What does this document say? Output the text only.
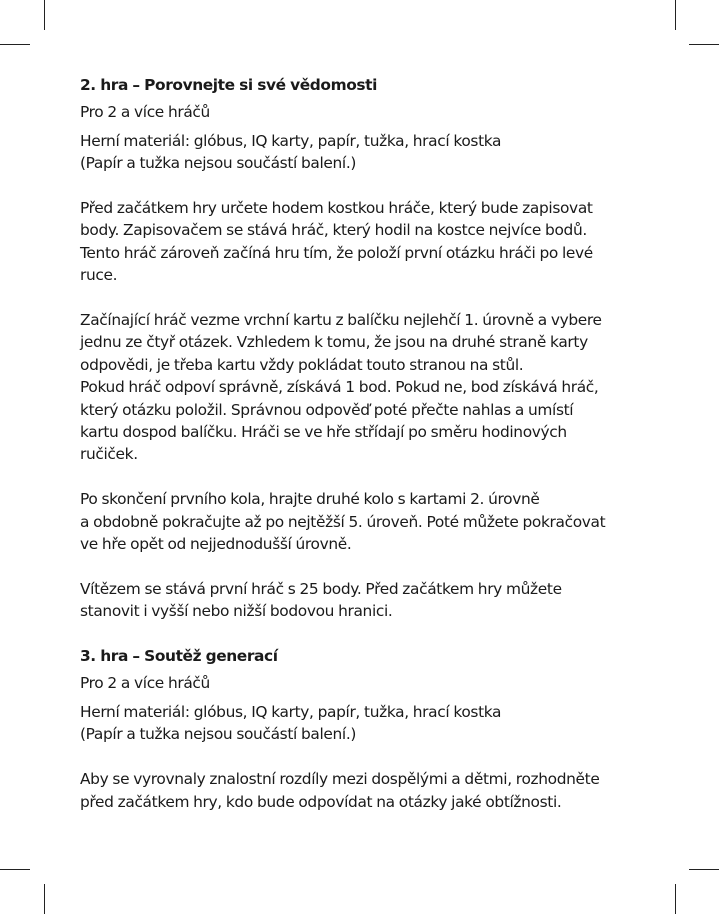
2. hra – Porovnejte si své vědomosti

Pro 2 a více hráčů

Herní materiál: glóbus, IQ karty, papír, tužka, hrací kostka
(Papír a tužka nejsou součástí balení.)

Před začátkem hry určete hodem kostkou hráče, který bude zapisovat
body. Zapisovačem se stává hráč, který hodil na kostce nejvíce bodů.
Tento hráč zároveň začíná hru tím, že položí první otázku hráči po levé
ruce.

Začínající hráč vezme vrchní kartu z balíčku nejlehčí 1. úrovně a vybere
jednu ze čtyř otázek. Vzhledem k tomu, že jsou na druhé straně karty
odpovědi, je třeba kartu vždy pokládat touto stranou na stůl.
Pokud hráč odpoví správně, získává 1 bod. Pokud ne, bod získává hráč,
který otázku položil. Správnou odpověď poté přečte nahlas a umístí
kartu dospod balíčku. Hráči se ve hře střídají po směru hodinových
ručiček.

Po skončení prvního kola, hrajte druhé kolo s kartami 2. úrovně
a obdobně pokračujte až po nejtěžší 5. úroveň. Poté můžete pokračovat
ve hře opět od nejjednodušší úrovně.

Vítězem se stává první hráč s 25 body. Před začátkem hry můžete
stanovit i vyšší nebo nižší bodovou hranici.

3. hra – Soutěž generací

Pro 2 a více hráčů

Herní materiál: glóbus, IQ karty, papír, tužka, hrací kostka
(Papír a tužka nejsou součástí balení.)

Aby se vyrovnaly znalostní rozdíly mezi dospělými a dětmi, rozhodněte
před začátkem hry, kdo bude odpovídat na otázky jaké obtížnosti.
